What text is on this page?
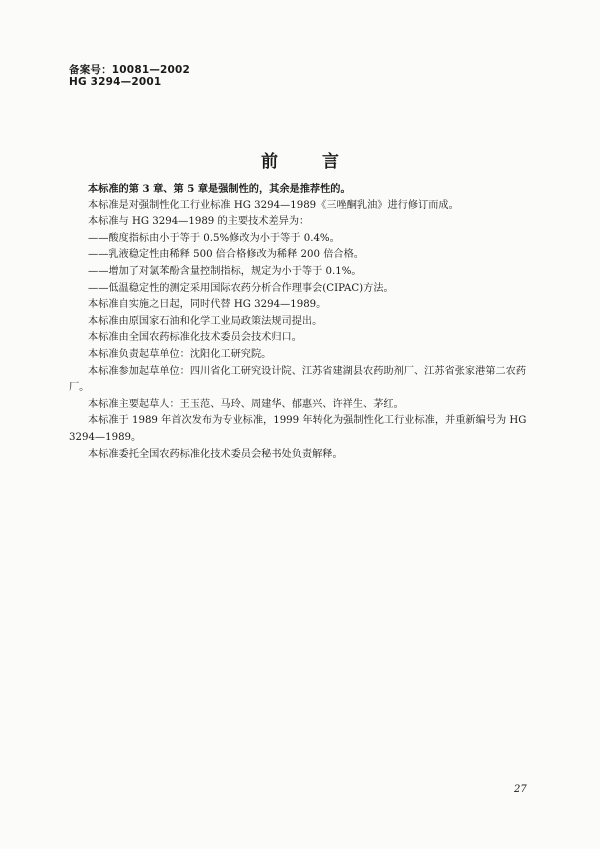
备案号：10081—2002
HG 3294—2001
前	言

本标准的第 3 章、第 5 章是强制性的，其余是推荐性的。

本标准是对强制性化工行业标准 HG 3294—1989《三唑酮乳油》进行修订而成。

本标准与 HG 3294—1989 的主要技术差异为：

——酸度指标由小于等于 0.5%修改为小于等于 0.4%。

——乳液稳定性由稀释 500 倍合格修改为稀释 200 倍合格。

——增加了对氯苯酚含量控制指标，规定为小于等于 0.1%。

——低温稳定性的测定采用国际农药分析合作理事会(CIPAC)方法。

本标准自实施之日起，同时代替 HG 3294—1989。

本标准由原国家石油和化学工业局政策法规司提出。

本标准由全国农药标准化技术委员会技术归口。

本标准负责起草单位：沈阳化工研究院。

本标准参加起草单位：四川省化工研究设计院、江苏省建湖县农药助剂厂、江苏省张家港第二农药厂。

本标准主要起草人：王玉范、马玲、周建华、郁惠兴、许祥生、茅红。

本标准于 1989 年首次发布为专业标准，1999 年转化为强制性化工行业标准，并重新编号为 HG 3294—1989。

本标准委托全国农药标准化技术委员会秘书处负责解释。

27
